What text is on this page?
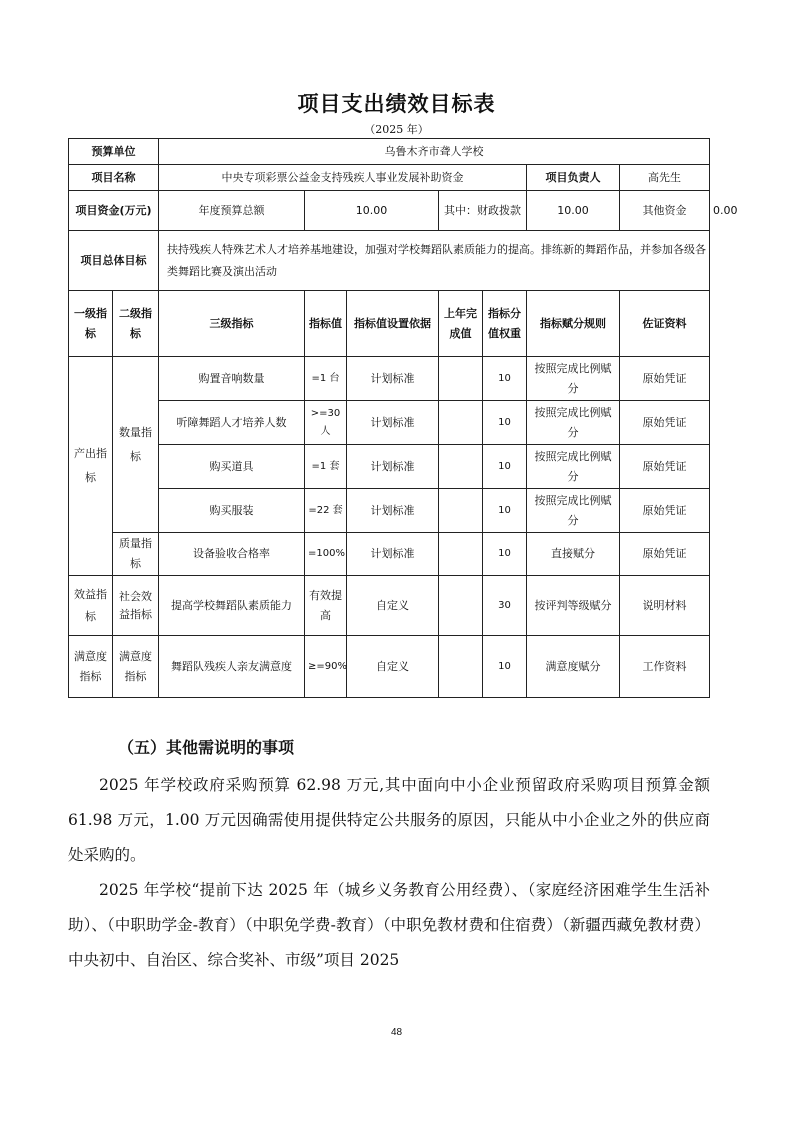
项目支出绩效目标表
（2025 年）
预算单位		乌鲁木齐市聋人学校							
项目名称		中央专项彩票公益金支持残疾人事业发展补助资金					项目负责人	高先生	
项目资金(万元)		年度预算总额	10.00		其中：财政拨款		10.00	其他资金	0.00
项目总体目标		扶持残疾人特殊艺术人才培养基地建设，加强对学校舞蹈队素质能力的提高。排练新的舞蹈作品，并参加各级各类舞蹈比赛及演出活动							
一级指标	二级指标	三级指标	指标值	指标值设置依据	上年完成值	指标分值权重	指标赋分规则	佐证资料	
产出指标	数量指标	购置音响数量	=1 台	计划标准		10	按照完成比例赋分	原始凭证	
		听障舞蹈人才培养人数	>=30 人	计划标准		10	按照完成比例赋分	原始凭证	
		购买道具	=1 套	计划标准		10	按照完成比例赋分	原始凭证	
		购买服装	=22 套	计划标准		10	按照完成比例赋分	原始凭证	
	质量指标	设备验收合格率	=100%	计划标准		10	直接赋分	原始凭证	
效益指标	社会效益指标	提高学校舞蹈队素质能力	有效提高	自定义		30	按评判等级赋分	说明材料	
满意度指标	满意度指标	舞蹈队残疾人亲友满意度	≥=90%	自定义		10	满意度赋分	工作资料	
（五）其他需说明的事项

2025 年学校政府采购预算 62.98 万元,其中面向中小企业预留政府采购项目预算金额 61.98 万元，1.00 万元因确需使用提供特定公共服务的原因，只能从中小企业之外的供应商处采购的。

2025 年学校“提前下达 2025 年（城乡义务教育公用经费）、（家庭经济困难学生生活补助）、（中职助学金-教育）（中职免学费-教育）（中职免教材费和住宿费）（新疆西藏免教材费）中央初中、自治区、综合奖补、市级”项目 2025

48
